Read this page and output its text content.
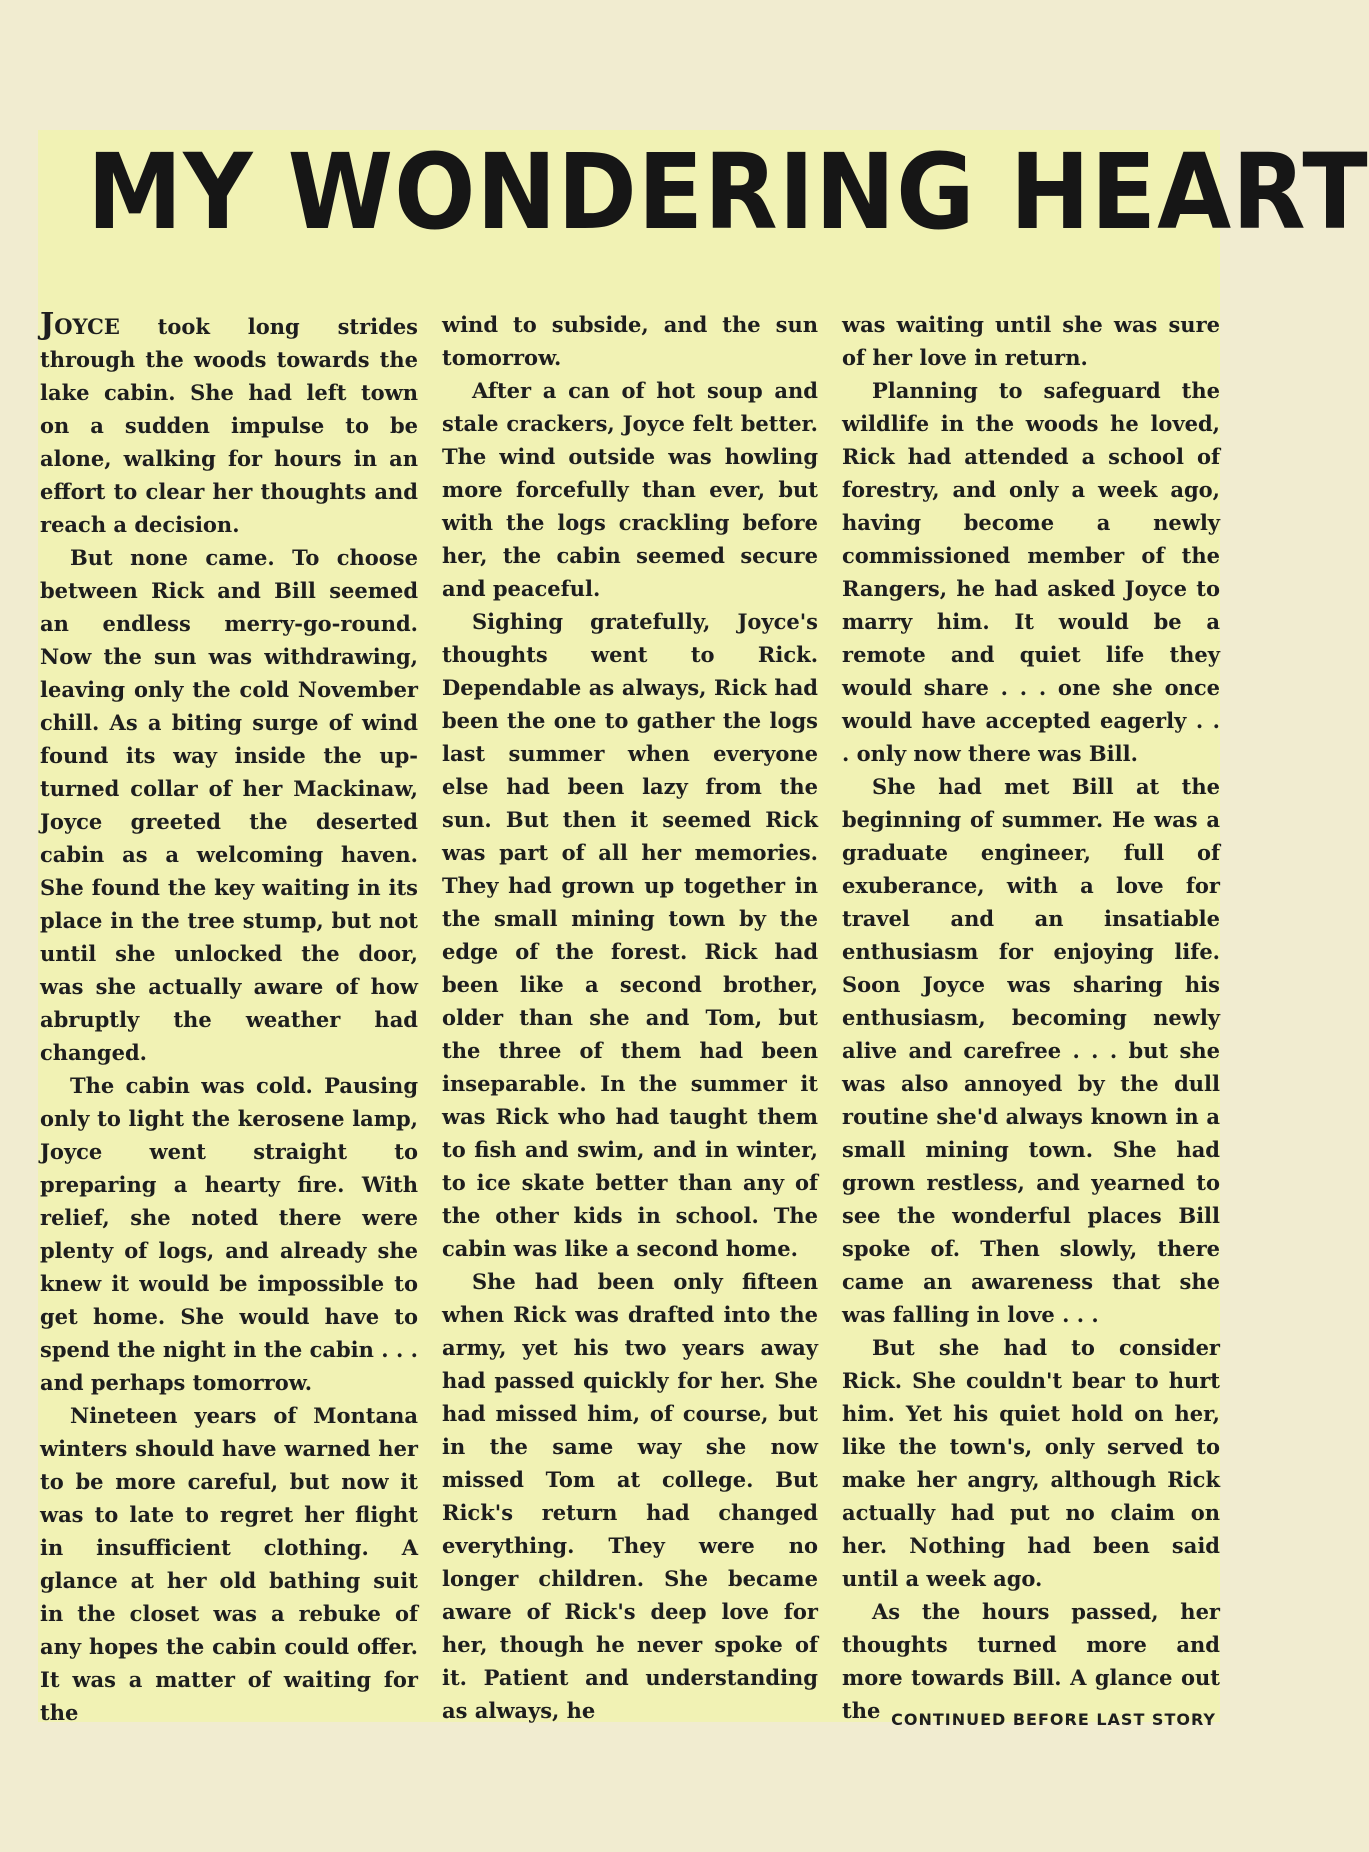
MY WONDERING HEART

JOYCE took long strides through the woods towards the lake cabin. She had left town on a sudden impulse to be alone, walking for hours in an effort to clear her thoughts and reach a decision.

But none came. To choose between Rick and Bill seemed an endless merry-go-round. Now the sun was withdrawing, leaving only the cold November chill. As a biting surge of wind found its way inside the up-turned collar of her Mackinaw, Joyce greeted the deserted cabin as a welcoming haven. She found the key waiting in its place in the tree stump, but not until she unlocked the door, was she actually aware of how abruptly the weather had changed.

The cabin was cold. Pausing only to light the kerosene lamp, Joyce went straight to preparing a hearty fire. With relief, she noted there were plenty of logs, and already she knew it would be impossible to get home. She would have to spend the night in the cabin . . . and perhaps tomorrow.

Nineteen years of Montana winters should have warned her to be more careful, but now it was to late to regret her flight in insufficient clothing. A glance at her old bathing suit in the closet was a rebuke of any hopes the cabin could offer. It was a matter of waiting for the

wind to subside, and the sun tomorrow.

After a can of hot soup and stale crackers, Joyce felt better. The wind outside was howling more forcefully than ever, but with the logs crackling before her, the cabin seemed secure and peaceful.

Sighing gratefully, Joyce's thoughts went to Rick. Dependable as always, Rick had been the one to gather the logs last summer when everyone else had been lazy from the sun. But then it seemed Rick was part of all her memories. They had grown up together in the small mining town by the edge of the forest. Rick had been like a second brother, older than she and Tom, but the three of them had been inseparable. In the summer it was Rick who had taught them to fish and swim, and in winter, to ice skate better than any of the other kids in school. The cabin was like a second home.

She had been only fifteen when Rick was drafted into the army, yet his two years away had passed quickly for her. She had missed him, of course, but in the same way she now missed Tom at college. But Rick's return had changed everything. They were no longer children. She became aware of Rick's deep love for her, though he never spoke of it. Patient and understanding as always, he

was waiting until she was sure of her love in return.

Planning to safeguard the wildlife in the woods he loved, Rick had attended a school of forestry, and only a week ago, having become a newly commissioned member of the Rangers, he had asked Joyce to marry him. It would be a remote and quiet life they would share . . . one she once would have accepted eagerly . . . only now there was Bill.

She had met Bill at the beginning of summer. He was a graduate engineer, full of exuberance, with a love for travel and an insatiable enthusiasm for enjoying life. Soon Joyce was sharing his enthusiasm, becoming newly alive and carefree . . . but she was also annoyed by the dull routine she'd always known in a small mining town. She had grown restless, and yearned to see the wonderful places Bill spoke of. Then slowly, there came an awareness that she was falling in love . . .

But she had to consider Rick. She couldn't bear to hurt him. Yet his quiet hold on her, like the town's, only served to make her angry, although Rick actually had put no claim on her. Nothing had been said until a week ago.

As the hours passed, her thoughts turned more and more towards Bill. A glance out the CONTINUED BEFORE LAST STORY
